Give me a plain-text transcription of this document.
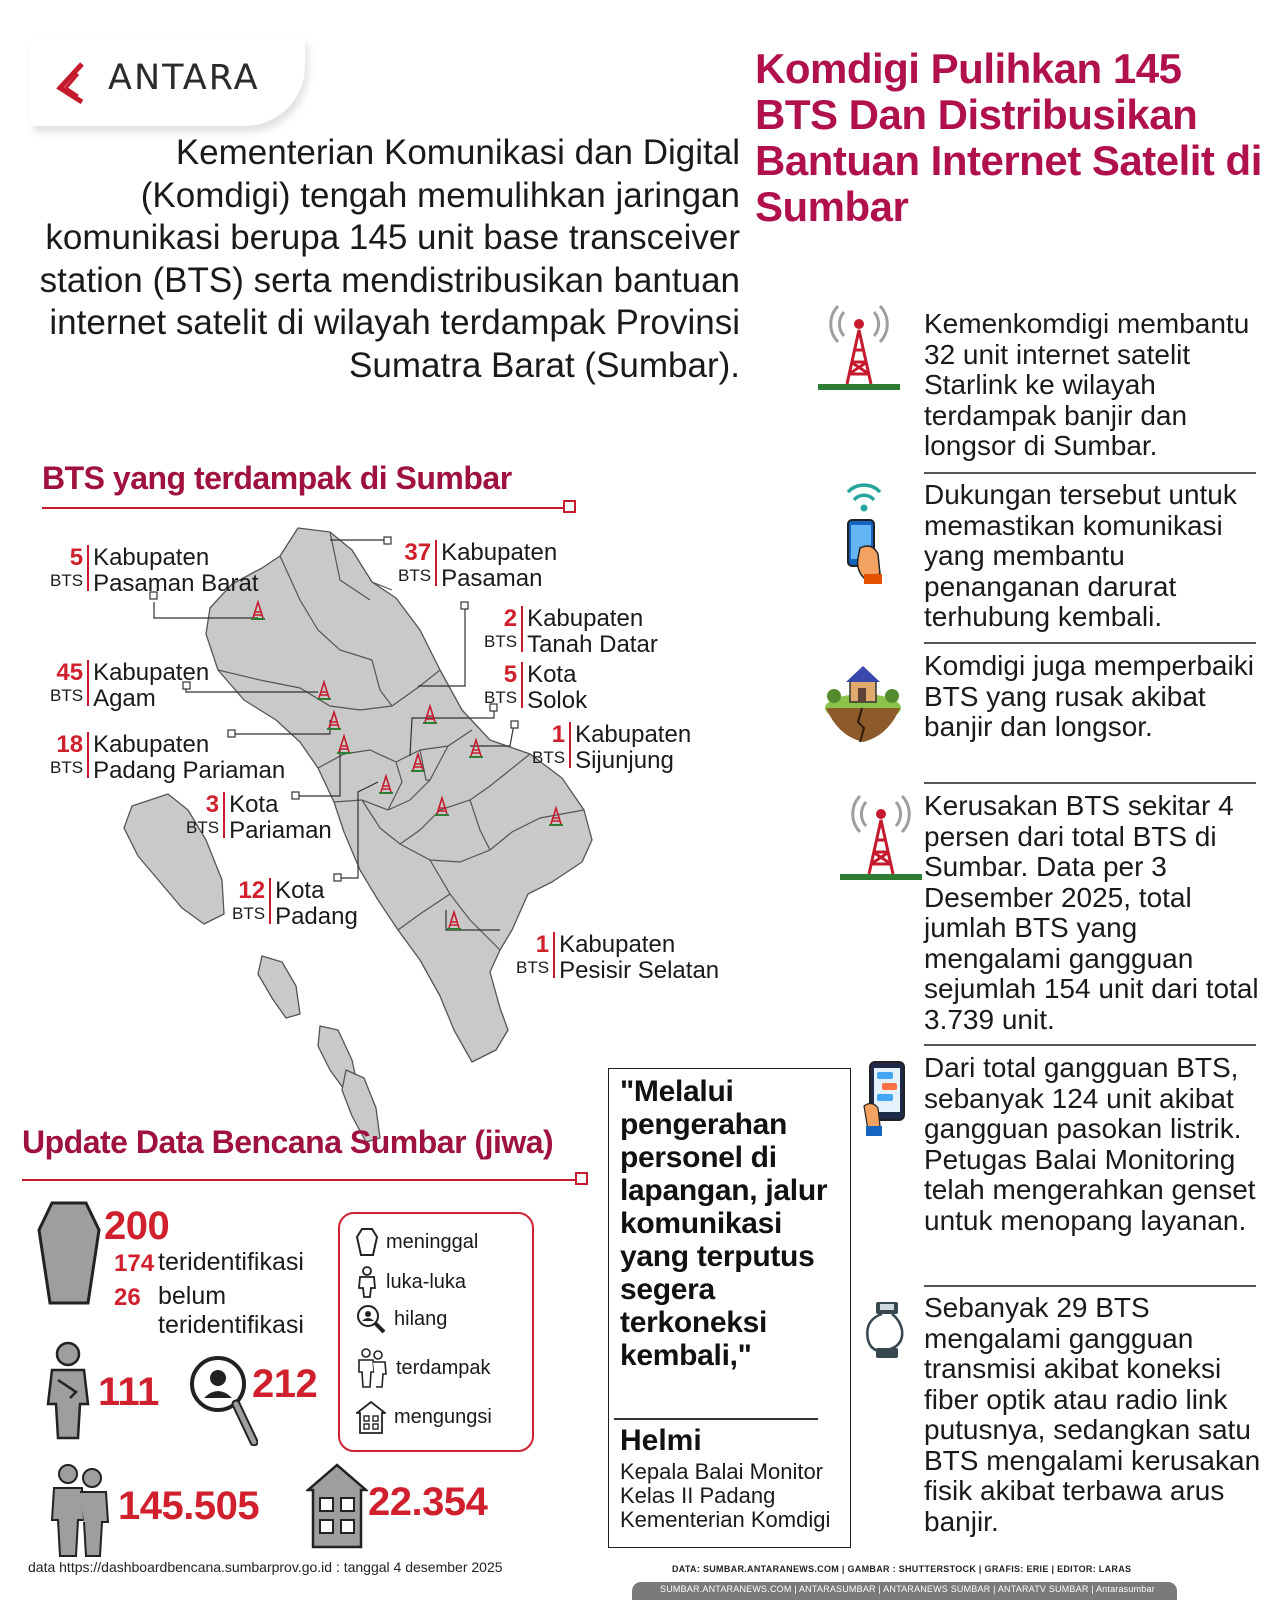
ANTARA	Komdigi Pulihkan 145 BTS Dan Distribusikan Bantuan Internet Satelit di Sumbar
Kementerian Komunikasi dan Digital (Komdigi) tengah memulihkan jaringan komunikasi berupa 145 unit base transceiver station (BTS) serta mendistribusikan bantuan internet satelit di wilayah terdampak Provinsi Sumatra Barat (Sumbar).
BTS yang terdampak di Sumbar
5
BTS
Kabupaten
Pasaman Barat
37
BTS
Kabupaten
Pasaman
2
BTS
Kabupaten
Tanah Datar
45
BTS
Kabupaten
Agam
5
BTS
Kota
Solok
18
BTS
Kabupaten
Padang Pariaman
1
BTS
Kabupaten
Sijunjung
3
BTS
Kota
Pariaman
12
BTS
Kota
Padang
1
BTS
Kabupaten
Pesisir Selatan
Kemenkomdigi membantu 32 unit internet satelit Starlink ke wilayah terdampak banjir dan longsor di Sumbar.
Dukungan tersebut untuk memastikan komunikasi yang membantu penanganan darurat terhubung kembali.
Komdigi juga memperbaiki BTS yang rusak akibat banjir dan longsor.
Kerusakan BTS sekitar 4 persen dari total BTS di Sumbar. Data per 3 Desember 2025, total jumlah BTS yang mengalami gangguan sejumlah 154 unit dari total 3.739 unit.
Dari total gangguan BTS, sebanyak 124 unit akibat gangguan pasokan listrik. Petugas Balai Monitoring telah mengerahkan genset untuk menopang layanan.
Sebanyak 29 BTS mengalami gangguan transmisi akibat koneksi fiber optik atau radio link putusnya, sedangkan satu BTS mengalami kerusakan fisik akibat terbawa arus banjir.
"Melalui pengerahan personel di lapangan, jalur komunikasi yang terputus segera terkoneksi kembali,"
Helmi
Kepala Balai Monitor Kelas II Padang Kementerian Komdigi
Update Data Bencana Sumbar (jiwa)
200
174 teridentifikasi
26 belum teridentifikasi
111 212
145.505	22.354
meninggal
luka-luka
hilang
terdampak
mengungsi
data https://dashboardbencana.sumbarprov.go.id : tanggal 4 desember 2025	DATA: SUMBAR.ANTARANEWS.COM | GAMBAR : SHUTTERSTOCK | GRAFIS: ERIE | EDITOR: LARAS
SUMBAR.ANTARANEWS.COM | ANTARASUMBAR | ANTARANEWS SUMBAR | ANTARATV SUMBAR | Antarasumbar
